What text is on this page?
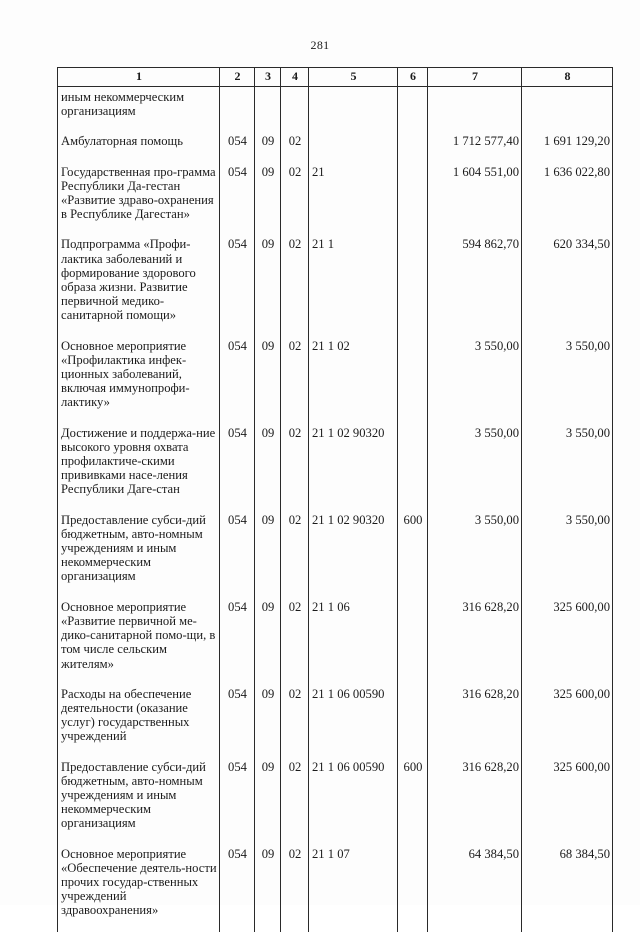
281
1	2	3	4	5	6	7	8
иным некоммерческим организациям							
Амбулаторная помощь	054	09	02			1 712 577,40	1 691 129,20
Государственная про-грамма Республики Да-гестан «Развитие здраво-охранения в Республике Дагестан»	054	09	02	21		1 604 551,00	1 636 022,80
Подпрограмма «Профи-лактика заболеваний и формирование здорового образа жизни. Развитие первичной медико-санитарной помощи»	054	09	02	21 1		594 862,70	620 334,50
Основное мероприятие «Профилактика инфек-ционных заболеваний, включая иммунопрофи-лактику»	054	09	02	21 1 02		3 550,00	3 550,00
Достижение и поддержа-ние высокого уровня охвата профилактиче-скими прививками насе-ления Республики Даге-стан	054	09	02	21 1 02 90320		3 550,00	3 550,00
Предоставление субси-дий бюджетным, авто-номным учреждениям и иным некоммерческим организациям	054	09	02	21 1 02 90320	600	3 550,00	3 550,00
Основное мероприятие «Развитие первичной ме-дико-санитарной помо-щи, в том числе сельским жителям»	054	09	02	21 1 06		316 628,20	325 600,00
Расходы на обеспечение деятельности (оказание услуг) государственных учреждений	054	09	02	21 1 06 00590		316 628,20	325 600,00
Предоставление субси-дий бюджетным, авто-номным учреждениям и иным некоммерческим организациям	054	09	02	21 1 06 00590	600	316 628,20	325 600,00
Основное мероприятие «Обеспечение деятель-ности прочих государ-ственных учреждений здравоохранения»	054	09	02	21 1 07		64 384,50	68 384,50
